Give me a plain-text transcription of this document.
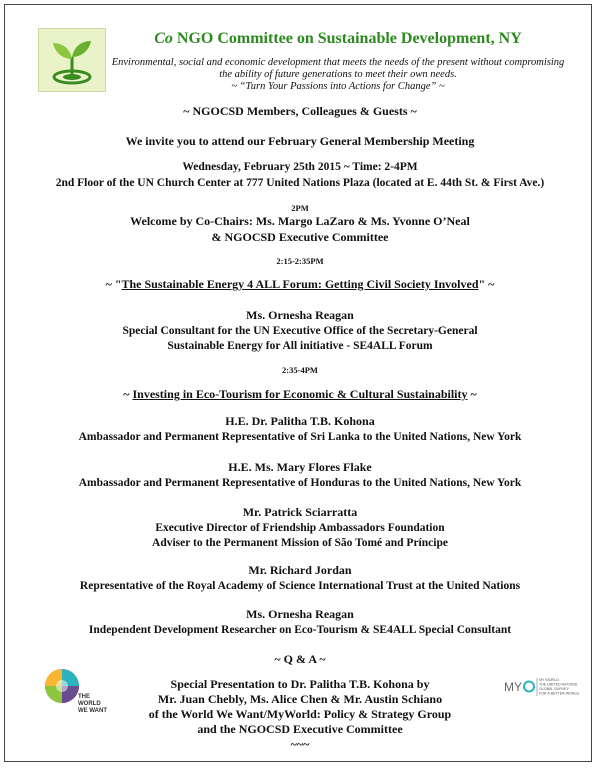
Co NGO Committee on Sustainable Development, NY
Environmental, social and economic development that meets the needs of the present without compromising
the ability of future generations to meet their own needs.
~ “Turn Your Passions into Actions for Change” ~
~ NGOCSD Members, Colleagues & Guests ~
We invite you to attend our February General Membership Meeting
Wednesday, February 25th 2015 ~ Time: 2-4PM
2nd Floor of the UN Church Center at 777 United Nations Plaza (located at E. 44th St. & First Ave.)
2PM
Welcome by Co-Chairs: Ms. Margo LaZaro & Ms. Yvonne O’Neal
& NGOCSD Executive Committee
2:15-2:35PM
~ "The Sustainable Energy 4 ALL Forum: Getting Civil Society Involved" ~
Ms. Ornesha Reagan
Special Consultant for the UN Executive Office of the Secretary-General
Sustainable Energy for All initiative - SE4ALL Forum
2:35-4PM
~ Investing in Eco-Tourism for Economic & Cultural Sustainability ~
H.E. Dr. Palitha T.B. Kohona
Ambassador and Permanent Representative of Sri Lanka to the United Nations, New York
H.E. Ms. Mary Flores Flake
Ambassador and Permanent Representative of Honduras to the United Nations, New York
Mr. Patrick Sciarratta
Executive Director of Friendship Ambassadors Foundation
Adviser to the Permanent Mission of São Tomé and Príncipe
Mr. Richard Jordan
Representative of the Royal Academy of Science International Trust at the United Nations
Ms. Ornesha Reagan
Independent Development Researcher on Eco-Tourism & SE4ALL Special Consultant
~ Q & A ~
Special Presentation to Dr. Palitha T.B. Kohona by
Mr. Juan Chebly, Ms. Alice Chen & Mr. Austin Schiano
of the World We Want/MyWorld: Policy & Strategy Group
and the NGOCSD Executive Committee
~~~
THE
WORLD
WE WANT
MY	MY WORLD.
THE UNITED NATIONS
GLOBAL SURVEY
FOR A BETTER WORLD.
